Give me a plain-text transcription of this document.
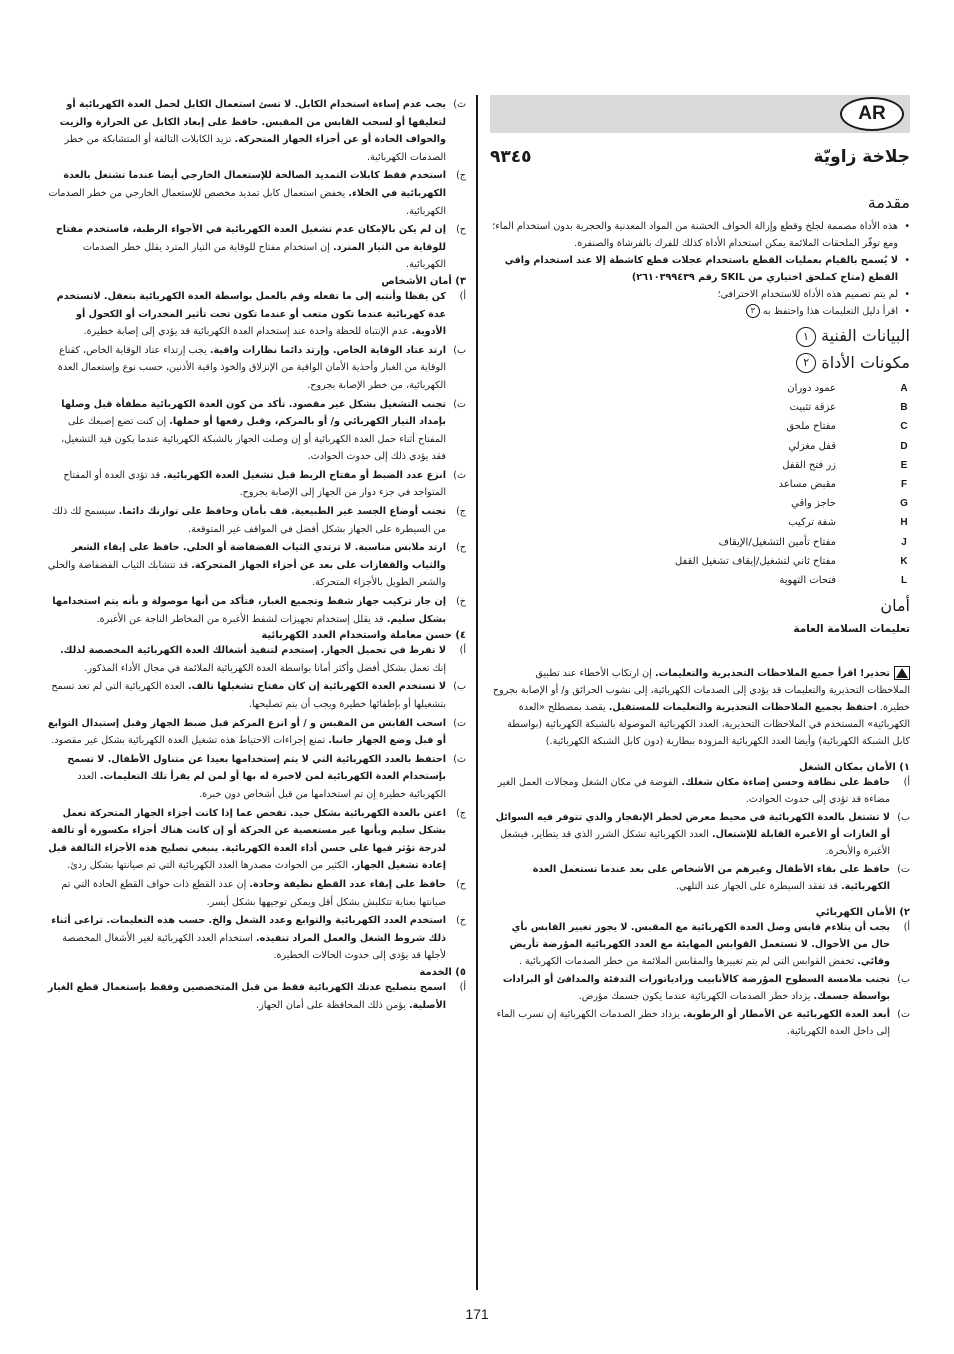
AR
جلاخة زاويّة
٩٣٤٥
مقدمة
• هذه الأداة مصممة لجلخ وقطع وإزالة الحواف الخشنة من المواد المعدنية والحجرية بدون استخدام الماء؛ ومع توفّر الملحقات الملائمة يمكن استخدام الأداة كذلك للفرك بالفرشاة والصنفرة.
• لا يُسمح بالقيام بعمليات القطع باستخدام عجلات قطع كاشطة إلا عند استخدام واقي القطع (متاح كملحق اختياري من SKIL رقم ٢٦١٠٣٩٩٤٣٩)
• لم يتم تصميم هذه الأداة للاستخدام الاحترافي؛
• اقرأ دليل التعليمات هذا واحتفظ به ٣
البيانات الفنية ١
مكونات الأداة ٢
A
عمود دوران
B
عزقة تثبيت
C
مفتاح ملحق
D
قفل مغزلي
E
زر فتح القفل
F
مقبض مساعد
G
حاجز واقي
H
شفة تركيب
J
مفتاح تأمين التشغيل/الإيقاف
K
مفتاح ثاني لتشغيل/إيقاف تشغيل القفل
L
فتحات التهوية
أمان
تعليمات السلامة العامة
تحذير! اقرأ جميع الملاحظات التحذيرية والتعليمات. إن ارتكاب الأخطاء عند تطبيق الملاحظات التحذيرية والتعليمات قد يؤدي إلى الصدمات الكهربائية، إلى نشوب الحرائق و/ أو الإصابة بجروح خطيرة. احتفظ بجميع الملاحظات التحذيرية والتعليمات للمستقبل. يقصد بمصطلح «العدة الكهربائية» المستخدم في الملاحظات التحذيرية، العدد الكهربائية الموصولة بالشبكة الكهربائية (بواسطة كابل الشبكة الكهربائية) وأيضا العدد الكهربائية المزودة ببطارية (دون كابل الشبكة الكهربائية.)
١) الأمان بمكان الشغل
أ)
حافظ على نظافة وحسن إضاءة مكان شغلك. الفوضة في مكان الشغل ومجالات العمل الغير مضاءة قد تؤدي إلى حدوث الحوادث.
ب)
لا تشتغل بالعدة الكهربائية في محيط معرض لخطر الإنفجار والذي تتوفر فيه السوائل أو الغازات أو الأغبرة القابلة للإشتعال. العدد الكهربائية تشكل الشرر الذي قد يتطاير، فيشعل الأغبرة والأبخرة.
ت)
حافظ على بقاء الأطفال وغيرهم من الأشخاص على بعد عندما تستعمل العدة الكهربائية. قد تفقد السيطرة على الجهاز عند التلهي.
٢) الأمان الكهربائي
أ)
يجب أن يتلاءم قابس وصل العدة الكهربائية مع المقبس. لا يجوز تغيير القابس بأي حال من الأحوال. لا تستعمل القوابس المهايئة مع العدد الكهربائية المؤرضة تأريض وقائي. تخفض القوابس التي لم يتم تغييرها والمقابس الملائمة من خطر الصدمات الكهربائية .
ب)
تجنب ملامسة السطوح المؤرضة كالأنابيب ورادياتورات التدفئة والمدافئ أو البرادات بواسطة جسمك. يزداد خطر الصدمات الكهربائية عندما يكون جسمك مؤرض.
ت)
أبعد العدة الكهربائية عن الأمطار أو الرطوبة. يزداد خطر الصدمات الكهربائية إن تسرب الماء إلى داخل العدة الكهربائية.
ث)
يجب عدم إساءة استخدام الكابل. لا تسئ استعمال الكابل لحمل العدة الكهربائية أو لتعليقها أو لسحب القابس من المقبس. حافظ على إبعاد الكابل عن الحرارة والزيت والحواف الحادة أو عن أجزاء الجهاز المتحركة. تزيد الكابلات التالفة أو المتشابكة من خطر الصدمات الكهربائية.
ج)
استخدم فقط كابلات التمديد الصالحة للإستعمال الخارجي أيضا عندما تشتغل بالعدة الكهربائية في الخلاء. يخفض استعمال كابل تمديد مخصص للإستعمال الخارجي من خطر الصدمات الكهربائية.
ح)
إن لم يكن بالإمكان عدم تشغيل العدة الكهربائية في الأجواء الرطبة، فاستخدم مفتاح للوقاية من التيار المترد. إن استخدام مفتاح للوقاية من التيار المترد يقلل خطر الصدمات الكهربائية.
٣) أمان الأشخاص
أ)
كن يقظا وأنتبه إلى ما تفعله وقم بالعمل بواسطة العدة الكهربائية بتعقل. لاتستخدم عدة كهربائية عندما تكون متعب أو عندما تكون تحت تأثير المخدرات أو الكحول أو الأدوية. عدم الإنتباه للحظة واحدة عند إستخدام العدة الكهربائية قد يؤدي إلى إصابة خطيرة.
ب)
ارتد عتاد الوقاية الخاص. وإرتد دائما نظارات واقية. يجب إرتداء عتاد الوقاية الخاص، كقناع الوقاية من الغبار وأحذية الأمان الواقية من الإنزلاق والخوذ واقية الأذنين، حسب نوع وإستعمال العدة الكهربائية، من خطر الإصابة بجروح.
ت)
تجنب التشغيل بشكل غير مقصود. تأكد من كون العدة الكهربائية مطفأة قبل وصلها بإمداد التيار الكهربائي و/ أو بالمركم، وقبل رفعها أو حملها. إن كنت تضع إصبعك على المفتاح أثناء حمل العدة الكهربائية أو إن وصلت الجهاز بالشبكة الكهربائية عندما يكون قيد التشغيل، فقد يؤدي ذلك إلى حدوث الحوادث.
ث)
انزع عدد الضبط أو مفتاح الربط قبل تشغيل العدة الكهربائية. قد تؤدي العدة أو المفتاح المتواجد في جزء دوار من الجهاز إلى الإصابة بجروح.
ج)
تجنب أوضاع الجسد غير الطبيعية. قف بأمان وحافظ على توازنك دائما. سيسمح لك ذلك من السيطرة على الجهاز بشكل أفضل في المواقف غير المتوقعة.
ح)
ارتد ملابس مناسبة. لا ترتدي الثياب الفضفاضة أو الحلي. حافظ على إبقاء الشعر والثياب والقفازات على بعد عن أجزاء الجهاز المتحركة. قد تتشابك الثياب الفضفاضة والحلي والشعر الطويل بالأجزاء المتحركة.
خ)
إن جاز تركيب جهاز شفط وتجميع الغبار، فتأكد من أنها موصولة و بأنه يتم استخدامها بشكل سليم. قد يقلل إستخدام تجهيزات لشفط الأغبرة من المخاطر الناجة عن الأغبرة.
٤) حسن معاملة واستخدام العدد الكهربائية
أ)
لا تفرط في تحميل الجهاز. إستخدم لتنفيذ أشغالك العدة الكهربائية المخصصة لذلك. إنك تعمل بشكل أفضل وأكثر أمانا بواسطة العدة الكهربائية الملائمة في مجال الأداء المذكور.
ب)
لا تستخدم العدة الكهربائية إن كان مفتاح تشغيلها تالف. العدة الكهربائية التي لم تعد تسمح بتشغيلها أو بإطفائها خطيرة ويجب أن يتم تصليحها.
ت)
اسحب القابس من المقبس و / أو انزع المركم قبل ضبط الجهاز وقبل إستبدال التوابع أو قبل وضع الجهاز جانبا. تمنع إجراءات الاحتياط هذه تشغيل العدة الكهربائية بشكل غير مقصود.
ث)
احتفظ بالعدد الكهربائية التي لا يتم إستخدامها بعيدا عن متناول الأطفال. لا تسمح بإستخدام العدة الكهربائية لمن لاخبرة له بها أو لمن لم يقرأ تلك التعليمات. العدد الكهربائية خطيرة إن تم استخدامها من قبل أشخاص دون خبرة.
ج)
اعتن بالعدة الكهربائية بشكل جيد. تفحص عما إذا كانت أجزاء الجهاز المتحركة تعمل بشكل سليم وبأنها غير مستعصية عن الحركة أو إن كانت هناك أجزاء مكسورة أو تالفة لدرجة تؤثر فيها على حسن أداء العدة الكهربائية. ينبغي تصليح هذه الأجزاء التالفة قبل إعادة تشغيل الجهاز. الكثير من الحوادث مصدرها العدد الكهربائية التي تم صيانتها بشكل ردئ.
ح)
حافظ على إبقاء عدد القطع نظيفة وحادة. إن عدد القطع ذات حواف القطع الحادة التي تم صيانتها بعناية تتكلبش بشكل أقل ويمكن توجيهها بشكل أيسر.
خ)
استخدم العدد الكهربائية والتوابع وعدد الشغل والخ. حسب هذه التعليمات. تراعى أثناء ذلك شروط الشغل والعمل المراد تنفيذه. استخدام العدد الكهربائية لغير الأشغال المخصصة لأجلها قد يؤدي إلى حدوث الحالات الخطيرة.
٥) الخدمة
أ)
اسمح بتصليح عدتك الكهربائية فقط من قبل المتخصصين وفقط بإستعمال قطع الغيار الأصلية. يؤمن ذلك المحافظة على أمان الجهاز.
171
